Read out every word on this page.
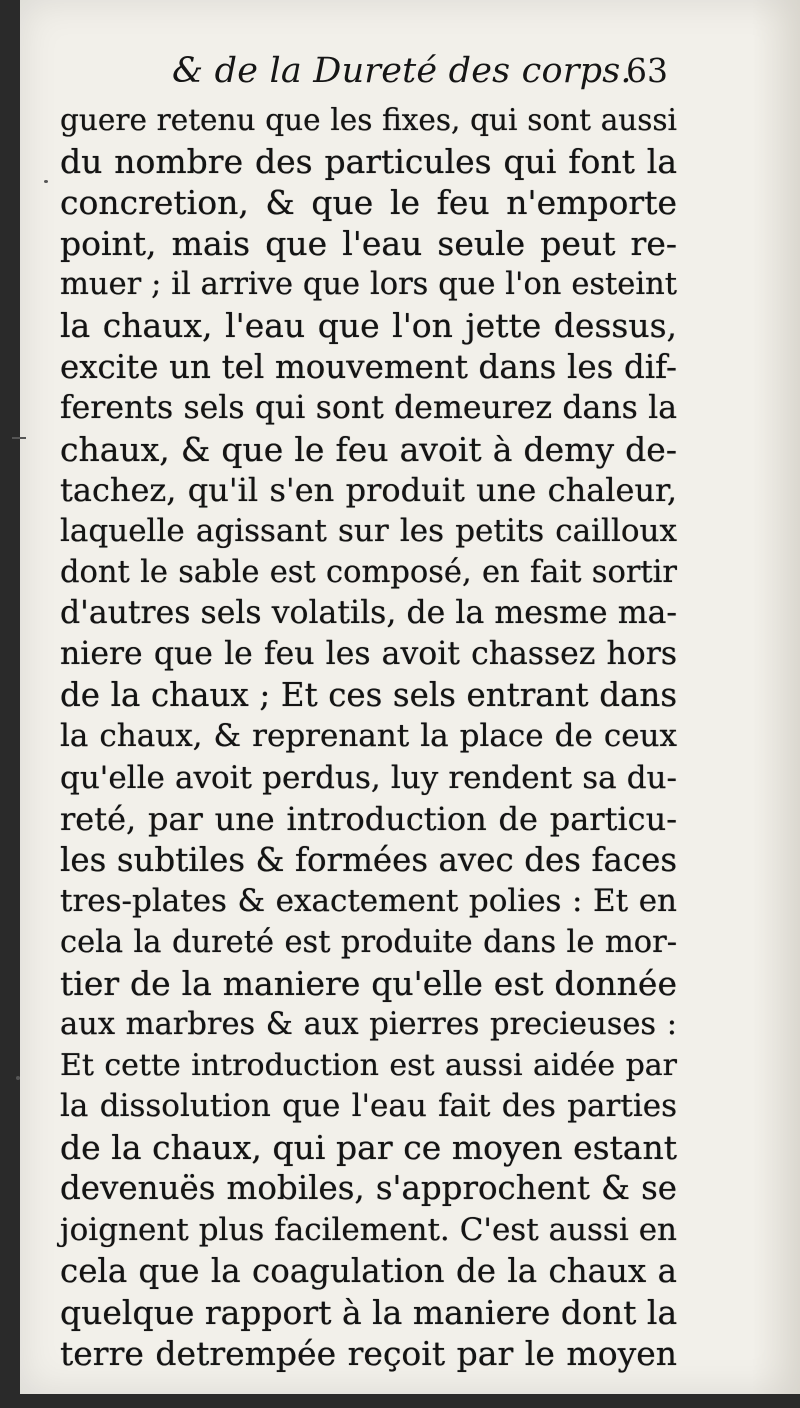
& de la Dureté des corps.
63
guere retenu que les fixes, qui sont aussi
du nombre des particules qui font la
concretion, & que le feu n'emporte
point, mais que l'eau seule peut re-
muer ; il arrive que lors que l'on esteint
la chaux, l'eau que l'on jette dessus,
excite un tel mouvement dans les dif-
ferents sels qui sont demeurez dans la
chaux, & que le feu avoit à demy de-
tachez, qu'il s'en produit une chaleur,
laquelle agissant sur les petits cailloux
dont le sable est composé, en fait sortir
d'autres sels volatils, de la mesme ma-
niere que le feu les avoit chassez hors
de la chaux ; Et ces sels entrant dans
la chaux, & reprenant la place de ceux
qu'elle avoit perdus, luy rendent sa du-
reté, par une introduction de particu-
les subtiles & formées avec des faces
tres-plates & exactement polies : Et en
cela la dureté est produite dans le mor-
tier de la maniere qu'elle est donnée
aux marbres & aux pierres precieuses :
Et cette introduction est aussi aidée par
la dissolution que l'eau fait des parties
de la chaux, qui par ce moyen estant
devenuës mobiles, s'approchent & se
joignent plus facilement. C'est aussi en
cela que la coagulation de la chaux a
quelque rapport à la maniere dont la
terre detrempée reçoit par le moyen
